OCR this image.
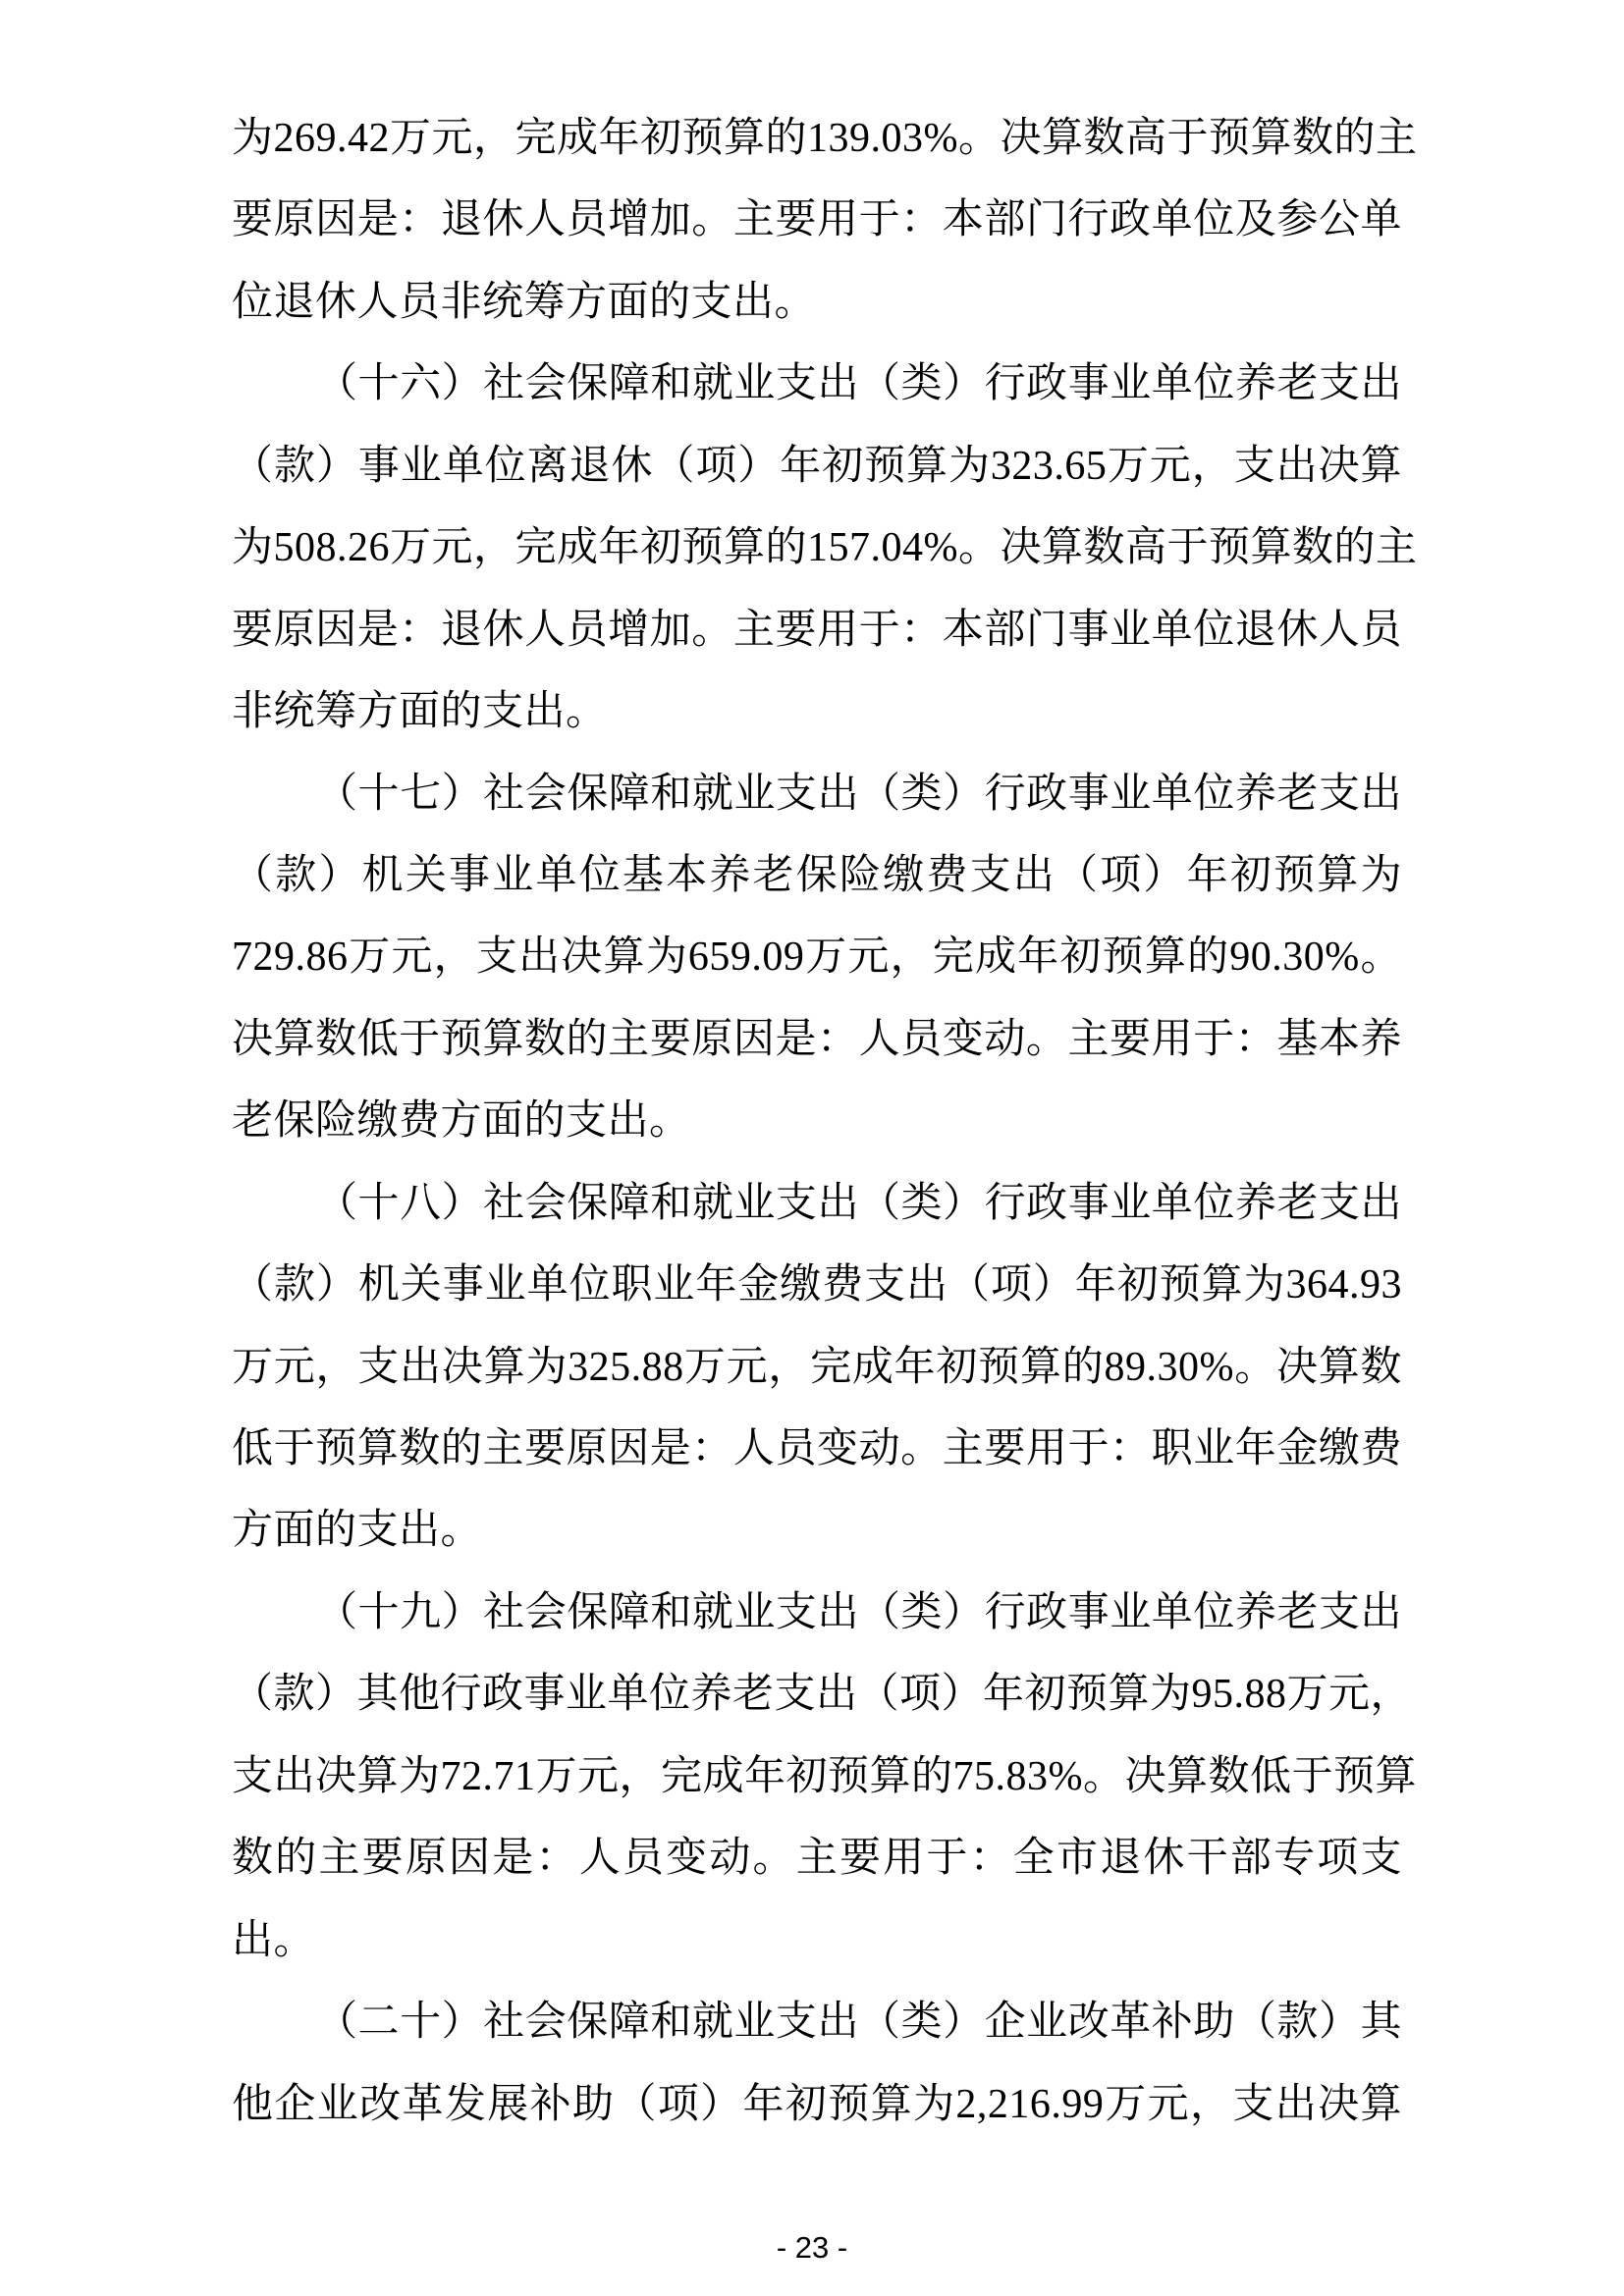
为269.42万元，完成年初预算的139.03%。决算数高于预算数的主
要原因是：退休人员增加。主要用于：本部门行政单位及参公单
位退休人员非统筹方面的支出。
（十六）社会保障和就业支出（类）行政事业单位养老支出
（款）事业单位离退休（项）年初预算为323.65万元，支出决算
为508.26万元，完成年初预算的157.04%。决算数高于预算数的主
要原因是：退休人员增加。主要用于：本部门事业单位退休人员
非统筹方面的支出。
（十七）社会保障和就业支出（类）行政事业单位养老支出
（款）机关事业单位基本养老保险缴费支出（项）年初预算为
729.86万元，支出决算为659.09万元，完成年初预算的90.30%。
决算数低于预算数的主要原因是：人员变动。主要用于：基本养
老保险缴费方面的支出。
（十八）社会保障和就业支出（类）行政事业单位养老支出
（款）机关事业单位职业年金缴费支出（项）年初预算为364.93
万元，支出决算为325.88万元，完成年初预算的89.30%。决算数
低于预算数的主要原因是：人员变动。主要用于：职业年金缴费
方面的支出。
（十九）社会保障和就业支出（类）行政事业单位养老支出
（款）其他行政事业单位养老支出（项）年初预算为95.88万元，
支出决算为72.71万元，完成年初预算的75.83%。决算数低于预算
数的主要原因是：人员变动。主要用于：全市退休干部专项支
出。
（二十）社会保障和就业支出（类）企业改革补助（款）其
他企业改革发展补助（项）年初预算为2,216.99万元，支出决算
- 23 -
